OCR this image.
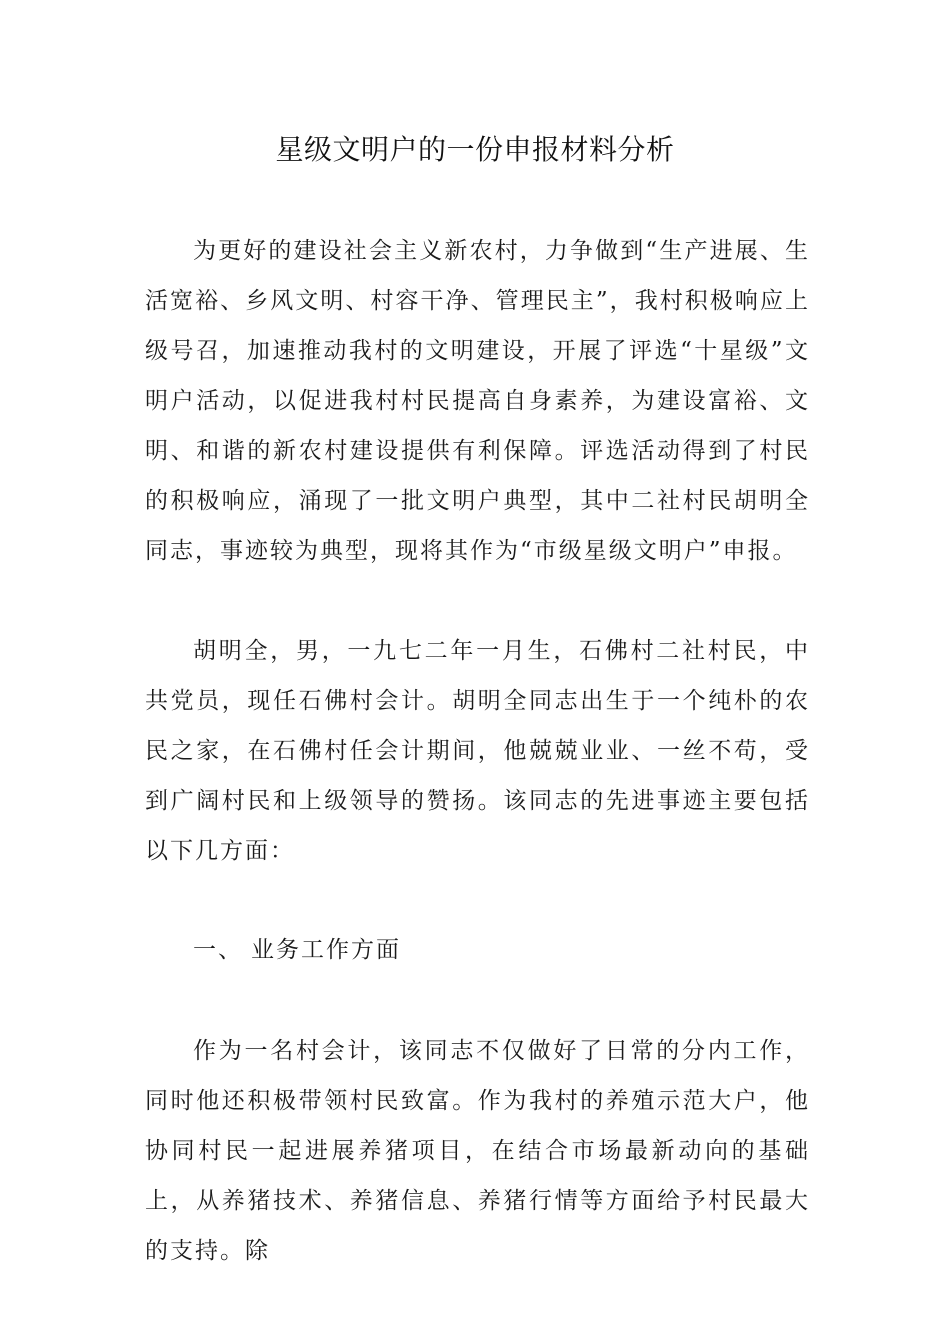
星级文明户的一份申报材料分析

为更好的建设社会主义新农村，力争做到“生产进展、生活宽裕、乡风文明、村容干净、管理民主”，我村积极响应上级号召，加速推动我村的文明建设，开展了评选“十星级”文明户活动，以促进我村村民提高自身素养，为建设富裕、文明、和谐的新农村建设提供有利保障。评选活动得到了村民的积极响应，涌现了一批文明户典型，其中二社村民胡明全同志，事迹较为典型，现将其作为“市级星级文明户”申报。

胡明全，男，一九七二年一月生，石佛村二社村民，中共党员，现任石佛村会计。胡明全同志出生于一个纯朴的农民之家，在石佛村任会计期间，他兢兢业业、一丝不苟，受到广阔村民和上级领导的赞扬。该同志的先进事迹主要包括以下几方面：

一、 业务工作方面

作为一名村会计，该同志不仅做好了日常的分内工作，同时他还积极带领村民致富。作为我村的养殖示范大户，他协同村民一起进展养猪项目，在结合市场最新动向的基础上，从养猪技术、养猪信息、养猪行情等方面给予村民最大的支持。除
